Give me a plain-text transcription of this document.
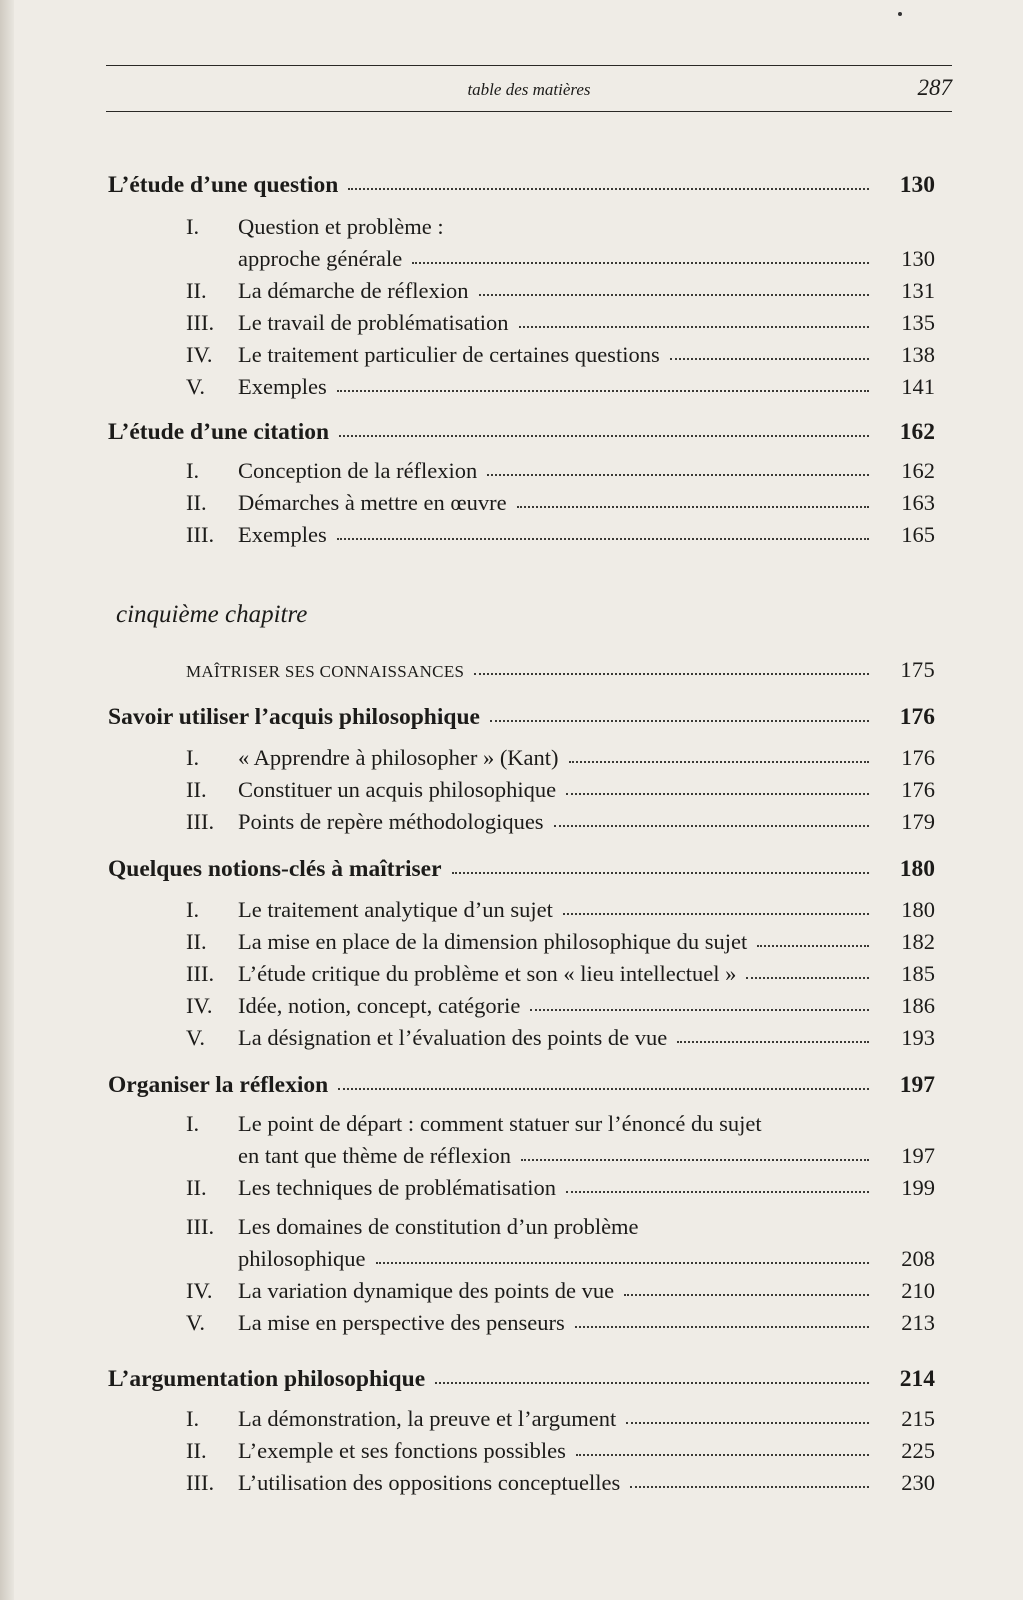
table des matières	287
cinquième chapitre
L’étude d’une question	130
I.	Question et problème :
approche générale	130
II.	La démarche de réflexion	131
III.	Le travail de problématisation	135
IV.	Le traitement particulier de certaines questions	138
V.	Exemples	141
L’étude d’une citation	162
I.	Conception de la réflexion	162
II.	Démarches à mettre en œuvre	163
III.	Exemples	165
MAÎTRISER SES CONNAISSANCES	175
Savoir utiliser l’acquis philosophique	176
I.	« Apprendre à philosopher » (Kant)	176
II.	Constituer un acquis philosophique	176
III.	Points de repère méthodologiques	179
Quelques notions-clés à maîtriser	180
I.	Le traitement analytique d’un sujet	180
II.	La mise en place de la dimension philosophique du sujet	182
III.	L’étude critique du problème et son « lieu intellectuel »	185
IV.	Idée, notion, concept, catégorie	186
V.	La désignation et l’évaluation des points de vue	193
Organiser la réflexion	197
I.	Le point de départ : comment statuer sur l’énoncé du sujet
en tant que thème de réflexion	197
II.	Les techniques de problématisation	199
III.	Les domaines de constitution d’un problème
philosophique	208
IV.	La variation dynamique des points de vue	210
V.	La mise en perspective des penseurs	213
L’argumentation philosophique	214
I.	La démonstration, la preuve et l’argument	215
II.	L’exemple et ses fonctions possibles	225
III.	L’utilisation des oppositions conceptuelles	230
